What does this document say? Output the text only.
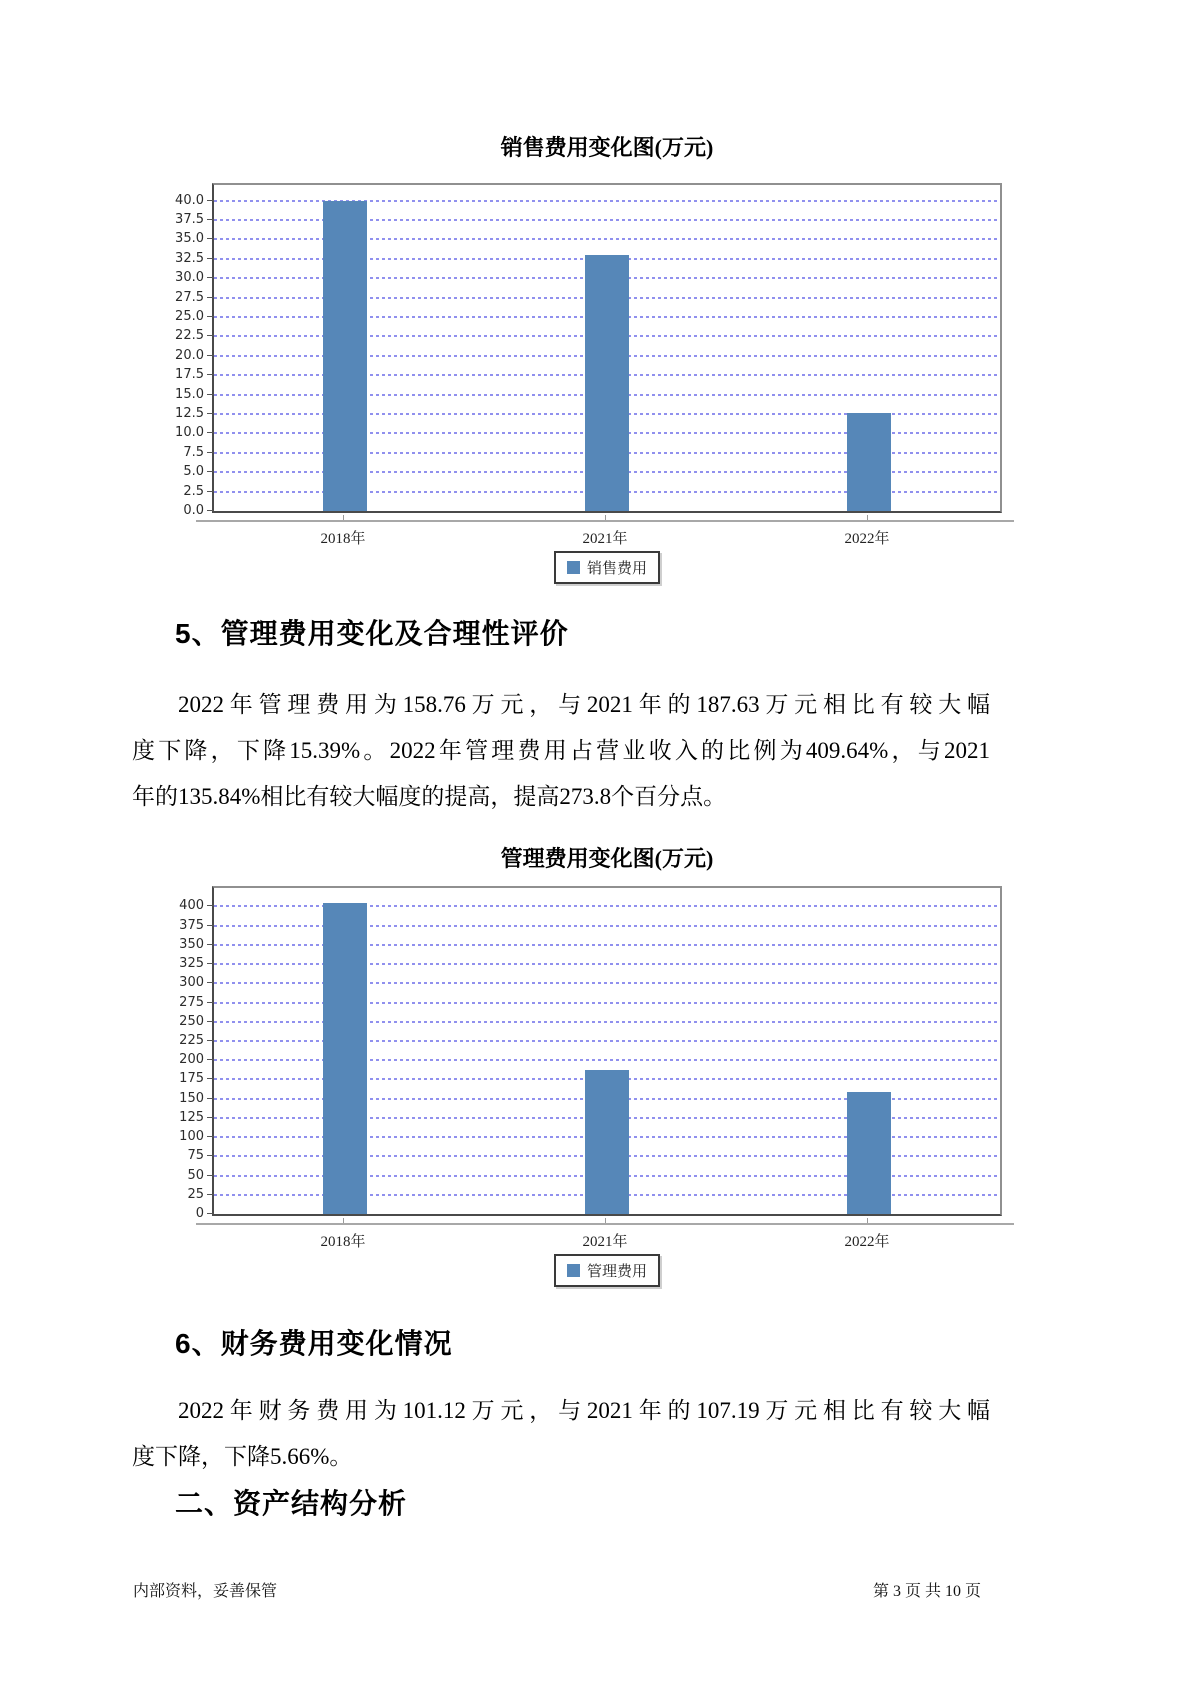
销售费用变化图(万元)
0.0
2.5
5.0
7.5
10.0
12.5
15.0
17.5
20.0
22.5
25.0
27.5
30.0
32.5
35.0
37.5
40.0
2018年	2021年	2022年
销售费用
5、管理费用变化及合理性评价
2022年管理费用为158.76万元，与2021年的187.63万元相比有较大幅
度下降，下降15.39%。2022年管理费用占营业收入的比例为409.64%，与2021
年的135.84%相比有较大幅度的提高，提高273.8个百分点。
管理费用变化图(万元)
0
25
50
75
100
125
150
175
200
225
250
275
300
325
350
375
400
2018年	2021年	2022年
管理费用
6、财务费用变化情况
2022年财务费用为101.12万元，与2021年的107.19万元相比有较大幅
度下降，下降5.66%。
二、资产结构分析
内部资料，妥善保管	第 3 页 共 10 页
